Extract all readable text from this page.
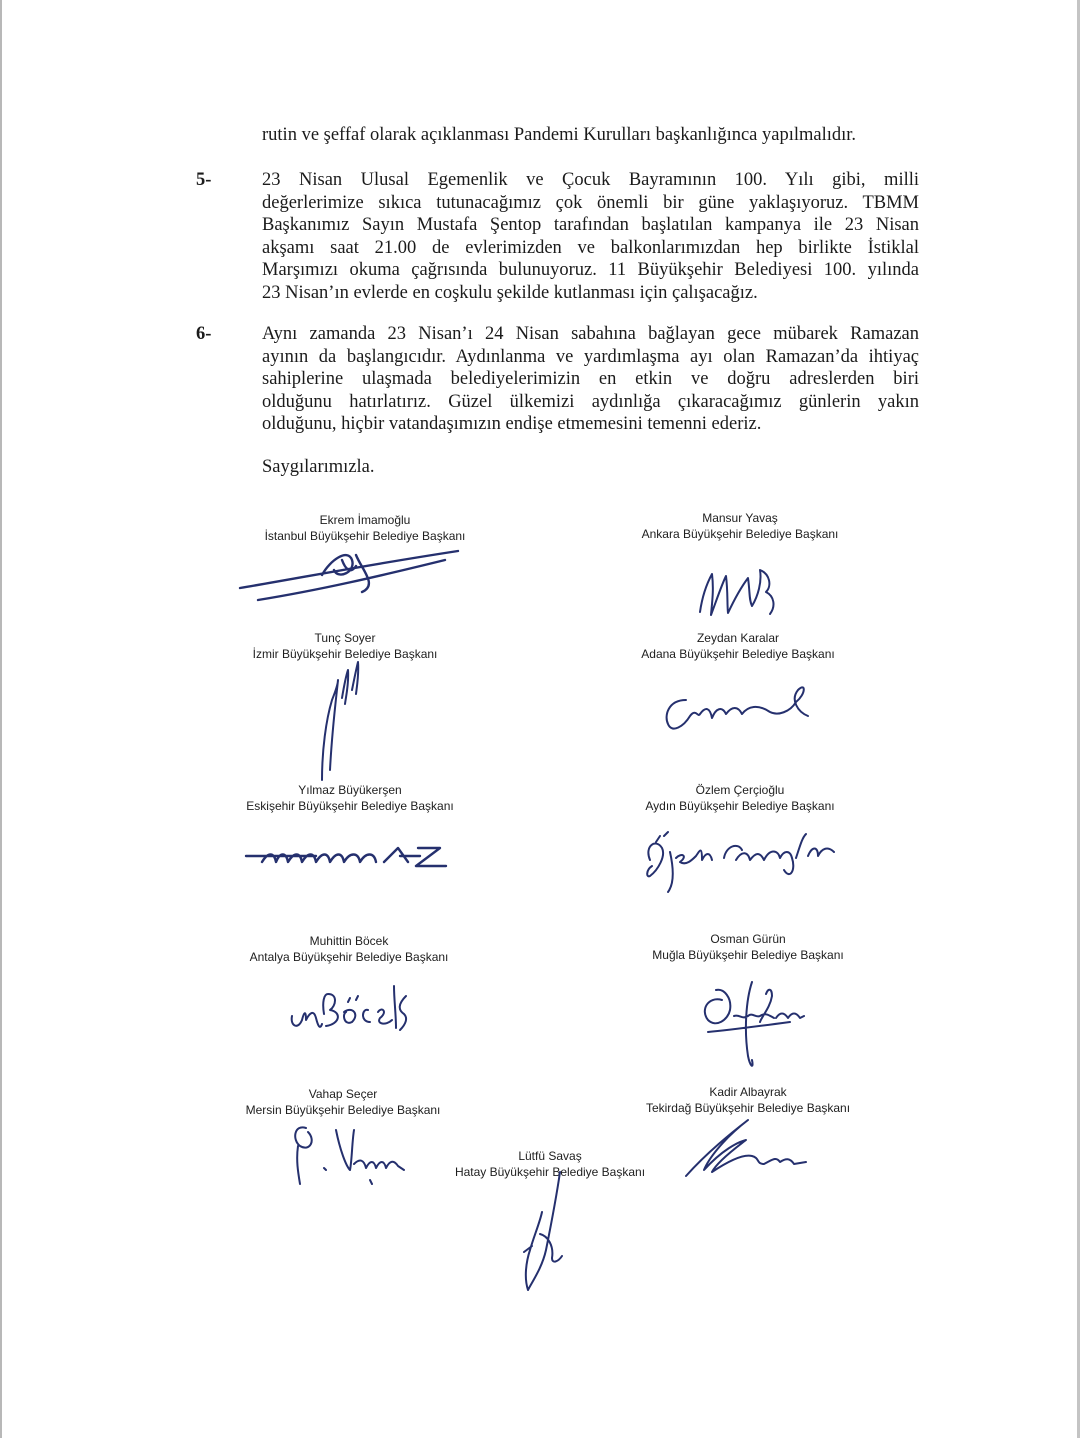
rutin ve şeffaf olarak açıklanması Pandemi Kurulları başkanlığınca yapılmalıdır.
5-	23 Nisan Ulusal Egemenlik ve Çocuk Bayramının 100. Yılı gibi, milli
değerlerimize sıkıca tutunacağımız çok önemli bir güne yaklaşıyoruz. TBMM
Başkanımız Sayın Mustafa Şentop tarafından başlatılan kampanya ile 23 Nisan
akşamı saat 21.00 de evlerimizden ve balkonlarımızdan hep birlikte İstiklal
Marşımızı okuma çağrısında bulunuyoruz. 11 Büyükşehir Belediyesi 100. yılında
23 Nisan’ın evlerde en coşkulu şekilde kutlanması için çalışacağız.
6-	Aynı zamanda 23 Nisan’ı 24 Nisan sabahına bağlayan gece mübarek Ramazan
ayının da başlangıcıdır. Aydınlanma ve yardımlaşma ayı olan Ramazan’da ihtiyaç
sahiplerine ulaşmada belediyelerimizin en etkin ve doğru adreslerden biri
olduğunu hatırlatırız. Güzel ülkemizi aydınlığa çıkaracağımız günlerin yakın
olduğunu, hiçbir vatandaşımızın endişe etmemesini temenni ederiz.
Saygılarımızla.
Ekrem İmamoğlu
İstanbul Büyükşehir Belediye Başkanı
Mansur Yavaş
Ankara Büyükşehir Belediye Başkanı
Tunç Soyer
İzmir Büyükşehir Belediye Başkanı
Zeydan Karalar
Adana Büyükşehir Belediye Başkanı
Yılmaz Büyükerşen
Eskişehir Büyükşehir Belediye Başkanı
Özlem Çerçioğlu
Aydın Büyükşehir Belediye Başkanı
Muhittin Böcek
Antalya Büyükşehir Belediye Başkanı
Osman Gürün
Muğla Büyükşehir Belediye Başkanı
Vahap Seçer
Mersin Büyükşehir Belediye Başkanı
Kadir Albayrak
Tekirdağ Büyükşehir Belediye Başkanı
Lütfü Savaş
Hatay Büyükşehir Belediye Başkanı
